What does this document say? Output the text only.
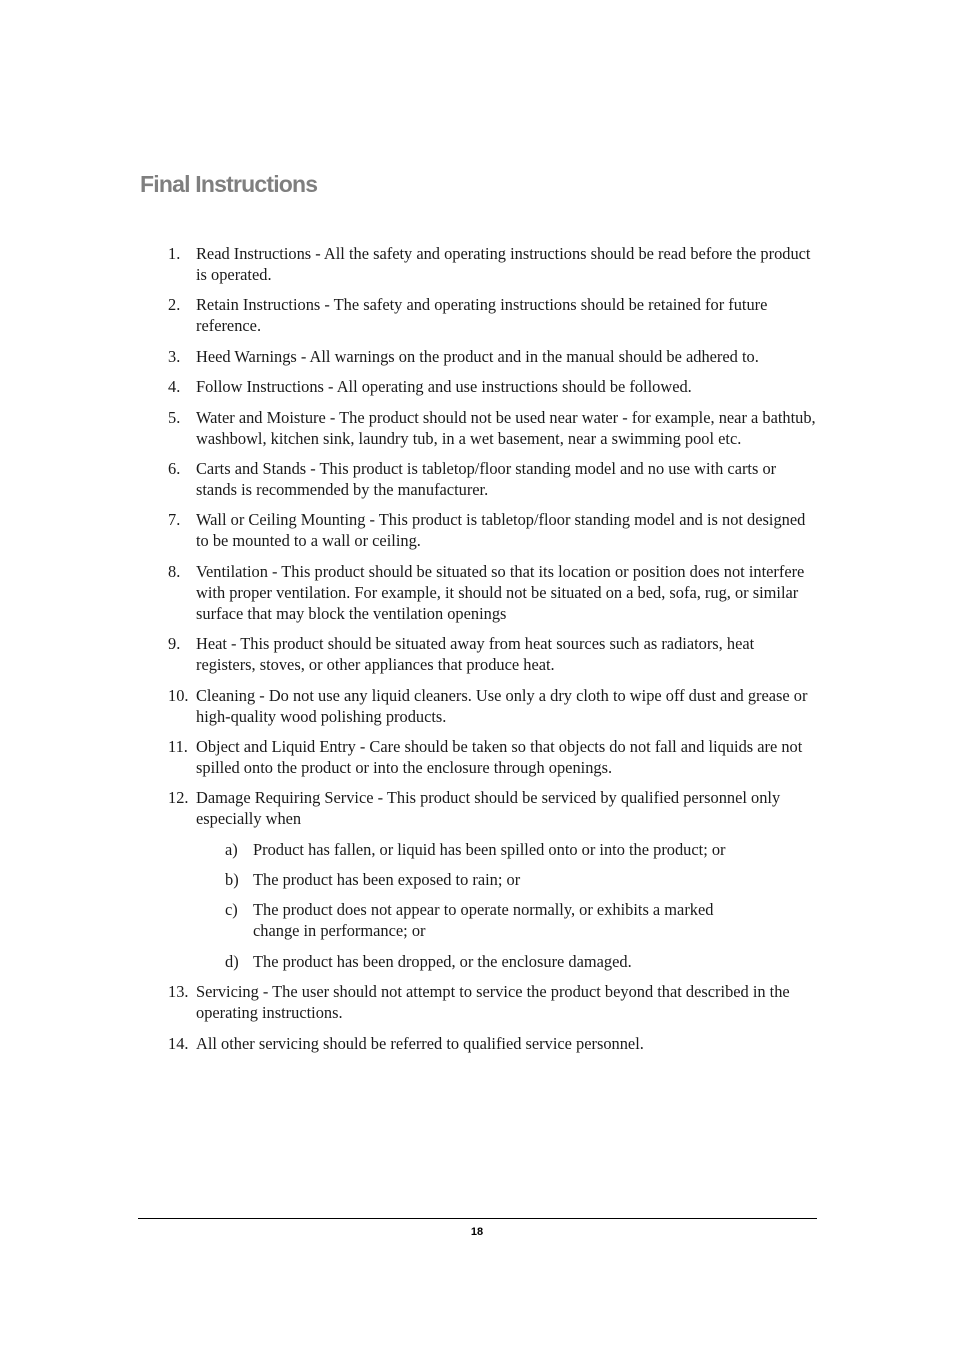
Final Instructions
1. Read Instructions - All the safety and operating instructions should be read before the product is operated.
2. Retain Instructions - The safety and operating instructions should be retained for future reference.
3. Heed Warnings - All warnings on the product and in the manual should be adhered to.
4. Follow Instructions - All operating and use instructions should be followed.
5. Water and Moisture - The product should not be used near water - for example, near a bathtub, washbowl, kitchen sink, laundry tub, in a wet basement, near a swimming pool etc.
6. Carts and Stands - This product is tabletop/floor standing model and no use with carts or stands is recommended by the manufacturer.
7. Wall or Ceiling Mounting - This product is tabletop/floor standing model and is not designed to be mounted to a wall or ceiling.
8. Ventilation - This product should be situated so that its location or position does not interfere with proper ventilation. For example, it should not be situated on a bed, sofa, rug, or similar surface that may block the ventilation openings
9. Heat - This product should be situated away from heat sources such as radiators, heat registers, stoves, or other appliances that produce heat.
10. Cleaning - Do not use any liquid cleaners. Use only a dry cloth to wipe off dust and grease or high-quality wood polishing products.
11. Object and Liquid Entry - Care should be taken so that objects do not fall and liquids are not spilled onto the product or into the enclosure through openings.
12. Damage Requiring Service - This product should be serviced by qualified personnel only especially when
a) Product has fallen, or liquid has been spilled onto or into the product; or
b) The product has been exposed to rain; or
c) The product does not appear to operate normally, or exhibits a marked change in performance; or
d) The product has been dropped, or the enclosure damaged.
13. Servicing - The user should not attempt to service the product beyond that described in the operating instructions.
14. All other servicing should be referred to qualified service personnel.
18
